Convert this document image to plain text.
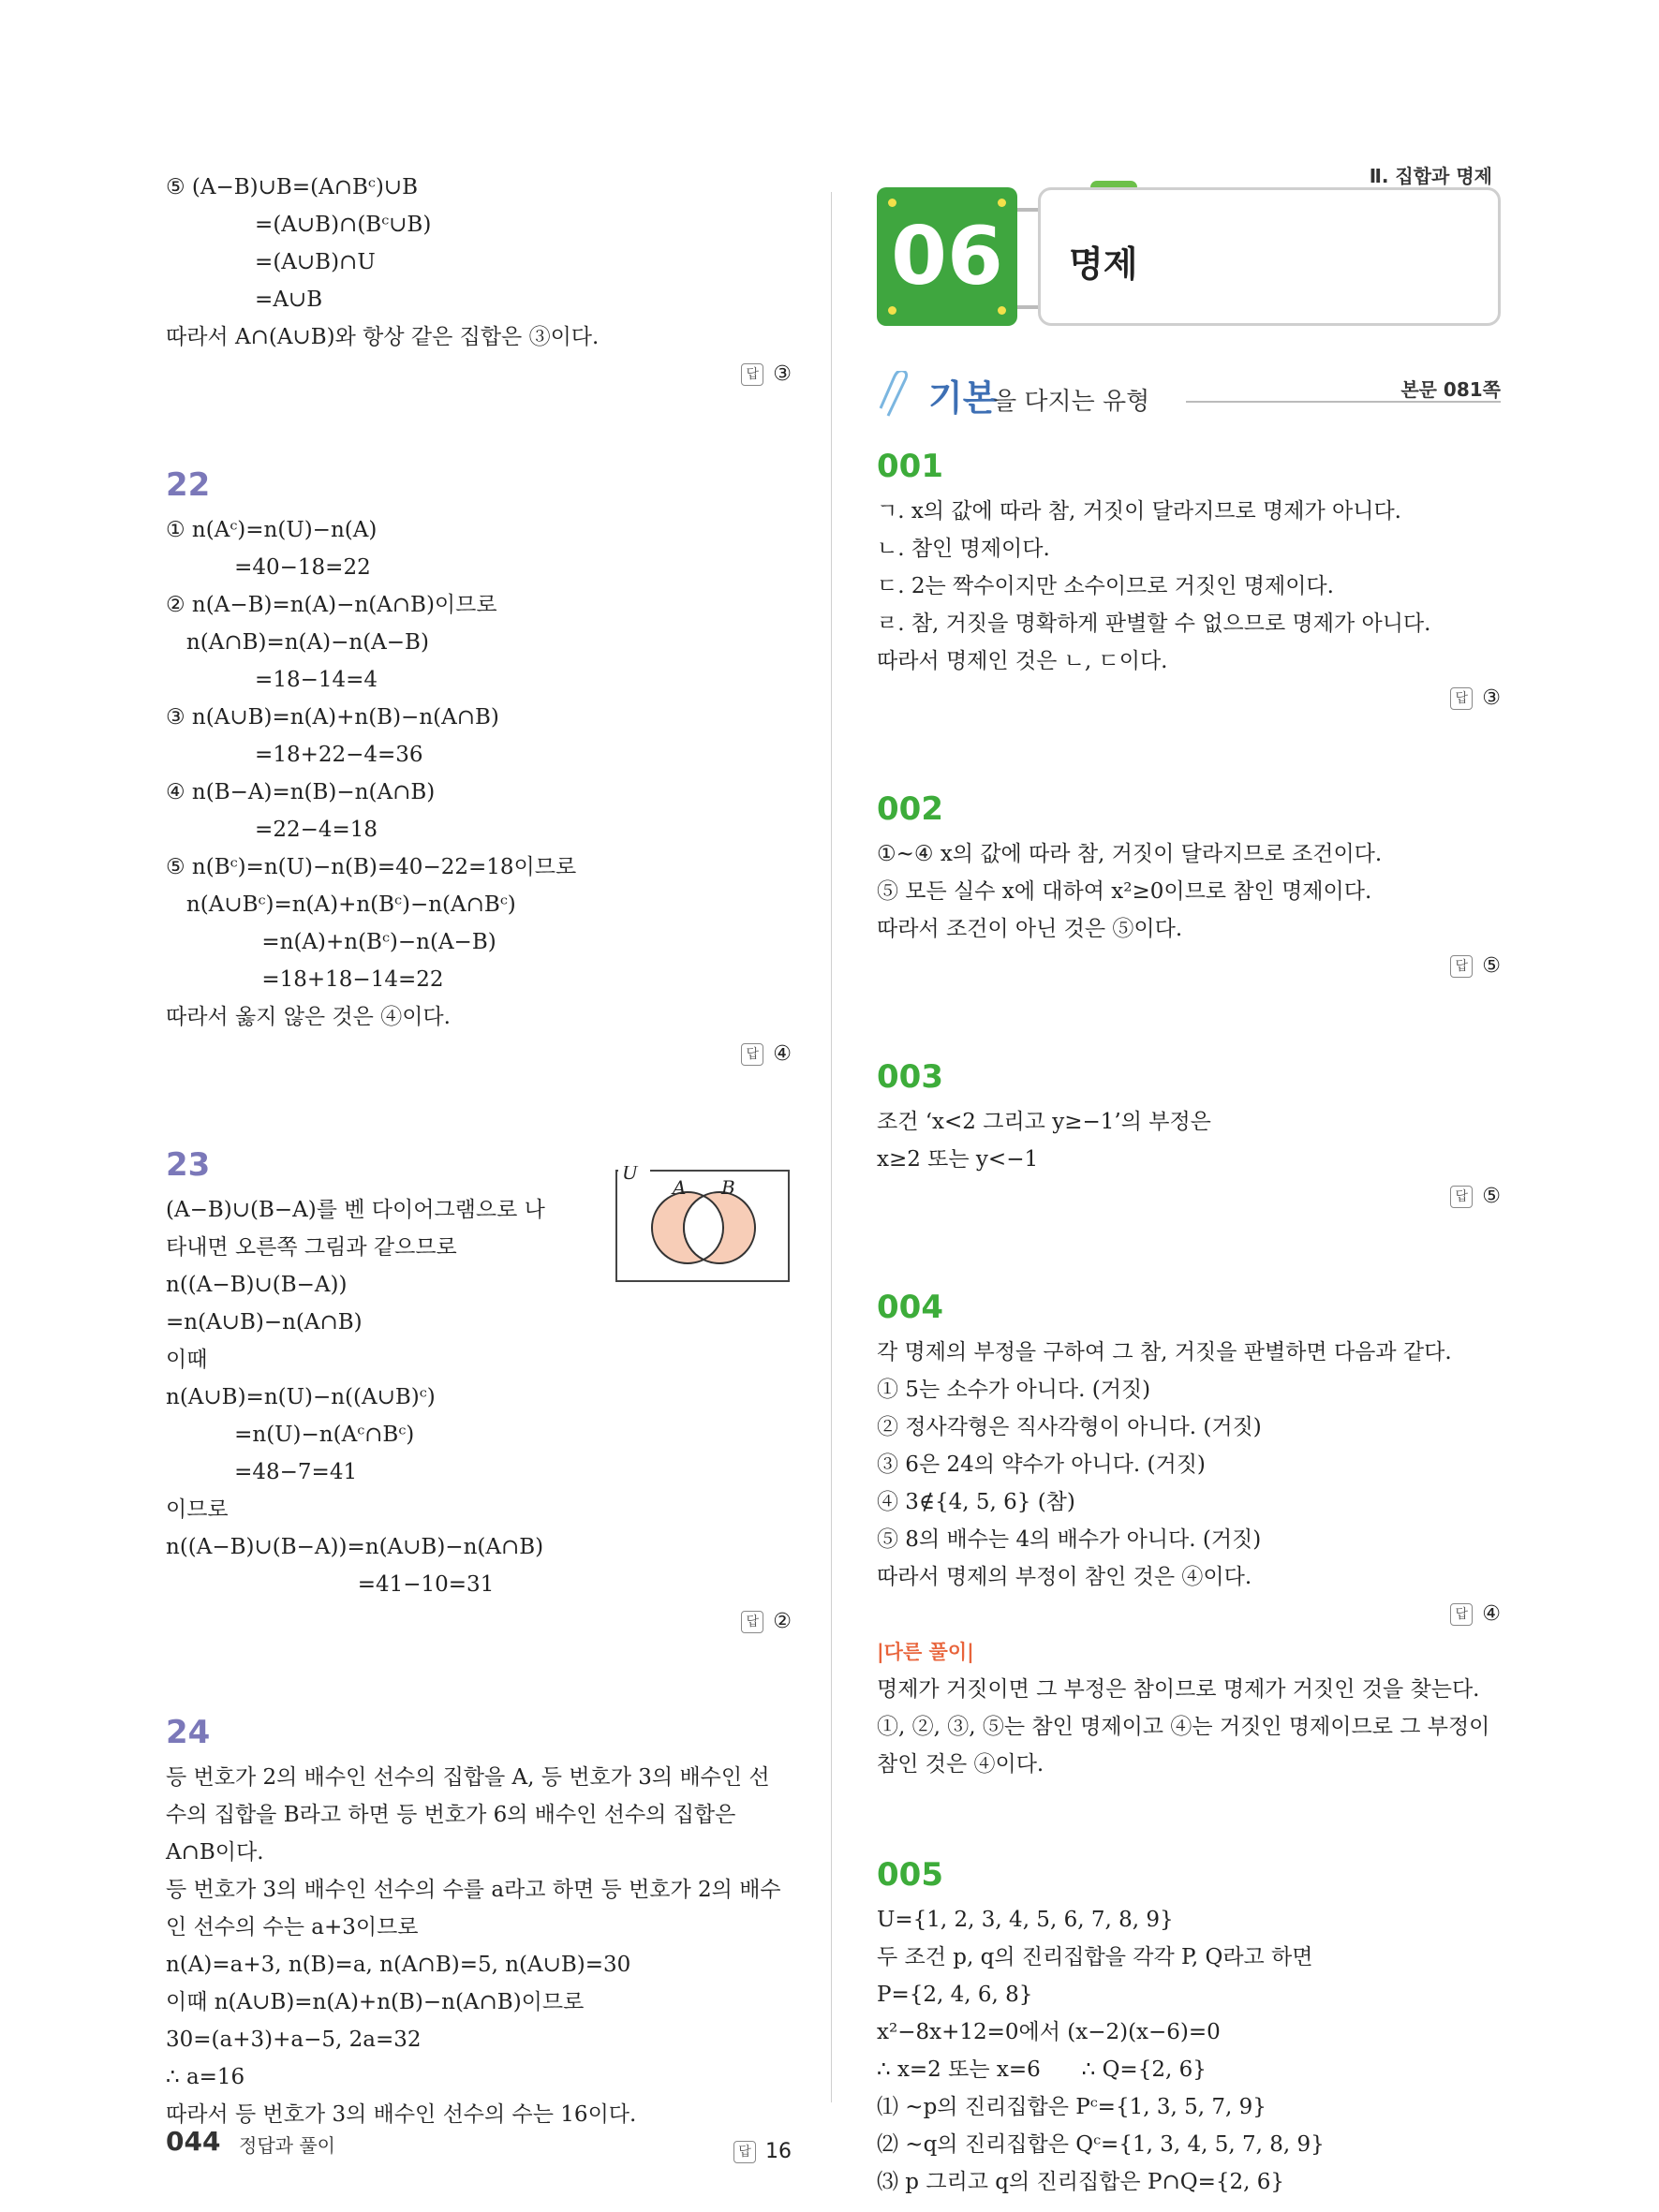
Ⅱ. 집합과 명제
06	명제
기본
을 다지는 유형	본문 081쪽
⑤ (A−B)∪B=(A∩Bᶜ)∪B
=(A∪B)∩(Bᶜ∪B)
=(A∪B)∩U
=A∪B
따라서 A∩(A∪B)와 항상 같은 집합은 ③이다.
답 ③
22
① n(Aᶜ)=n(U)−n(A)
=40−18=22
② n(A−B)=n(A)−n(A∩B)이므로
n(A∩B)=n(A)−n(A−B)
=18−14=4
③ n(A∪B)=n(A)+n(B)−n(A∩B)
=18+22−4=36
④ n(B−A)=n(B)−n(A∩B)
=22−4=18
⑤ n(Bᶜ)=n(U)−n(B)=40−22=18이므로
n(A∪Bᶜ)=n(A)+n(Bᶜ)−n(A∩Bᶜ)
=n(A)+n(Bᶜ)−n(A−B)
=18+18−14=22
따라서 옳지 않은 것은 ④이다.
답 ④
23
(A−B)∪(B−A)를 벤 다이어그램으로 나
타내면 오른쪽 그림과 같으므로
n((A−B)∪(B−A))
=n(A∪B)−n(A∩B)
이때
n(A∪B)=n(U)−n((A∪B)ᶜ)
=n(U)−n(Aᶜ∩Bᶜ)
=48−7=41
이므로
n((A−B)∪(B−A))=n(A∪B)−n(A∩B)
=41−10=31
답 ②
24
등 번호가 2의 배수인 선수의 집합을 A, 등 번호가 3의 배수인 선
수의 집합을 B라고 하면 등 번호가 6의 배수인 선수의 집합은
A∩B이다.
등 번호가 3의 배수인 선수의 수를 a라고 하면 등 번호가 2의 배수
인 선수의 수는 a+3이므로
n(A)=a+3, n(B)=a, n(A∩B)=5, n(A∪B)=30
이때 n(A∪B)=n(A)+n(B)−n(A∩B)이므로
30=(a+3)+a−5, 2a=32
∴ a=16
따라서 등 번호가 3의 배수인 선수의 수는 16이다.
답 16
U
A B
001
ㄱ. x의 값에 따라 참, 거짓이 달라지므로 명제가 아니다.
ㄴ. 참인 명제이다.
ㄷ. 2는 짝수이지만 소수이므로 거짓인 명제이다.
ㄹ. 참, 거짓을 명확하게 판별할 수 없으므로 명제가 아니다.
따라서 명제인 것은 ㄴ, ㄷ이다.
답 ③
002
①~④ x의 값에 따라 참, 거짓이 달라지므로 조건이다.
⑤ 모든 실수 x에 대하여 x²≥0이므로 참인 명제이다.
따라서 조건이 아닌 것은 ⑤이다.
답 ⑤
003
조건 ‘x<2 그리고 y≥−1’의 부정은
x≥2 또는 y<−1
답 ⑤
004
각 명제의 부정을 구하여 그 참, 거짓을 판별하면 다음과 같다.
① 5는 소수가 아니다. (거짓)
② 정사각형은 직사각형이 아니다. (거짓)
③ 6은 24의 약수가 아니다. (거짓)
④ 3∉{4, 5, 6} (참)
⑤ 8의 배수는 4의 배수가 아니다. (거짓)
따라서 명제의 부정이 참인 것은 ④이다.
답 ④
|다른 풀이|
명제가 거짓이면 그 부정은 참이므로 명제가 거짓인 것을 찾는다.
①, ②, ③, ⑤는 참인 명제이고 ④는 거짓인 명제이므로 그 부정이
참인 것은 ④이다.
005
U={1, 2, 3, 4, 5, 6, 7, 8, 9}
두 조건 p, q의 진리집합을 각각 P, Q라고 하면
P={2, 4, 6, 8}
x²−8x+12=0에서 (x−2)(x−6)=0
∴ x=2 또는 x=6      ∴ Q={2, 6}
⑴ ~p의 진리집합은 Pᶜ={1, 3, 5, 7, 9}
⑵ ~q의 진리집합은 Qᶜ={1, 3, 4, 5, 7, 8, 9}
⑶ p 그리고 q의 진리집합은 P∩Q={2, 6}
044 정답과 풀이
